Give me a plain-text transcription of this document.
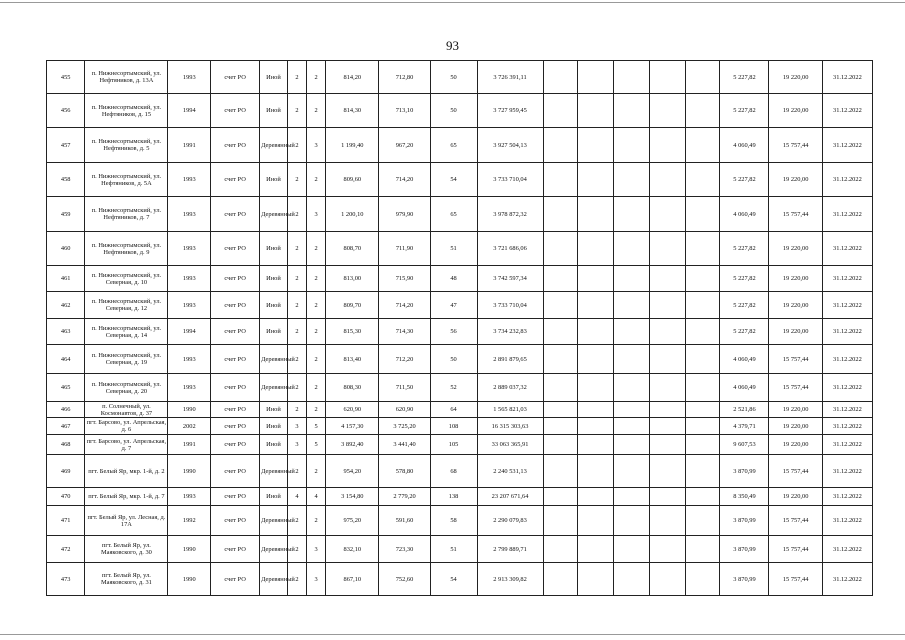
93
455	п. Нижнесортымский, ул. Нефтяников, д. 13А	1993	счет РО	Иной	2	2	814,20	712,80	50	3 726 391,11						5 227,82	19 220,00	31.12.2022
456	п. Нижнесортымский, ул. Нефтяников, д. 15	1994	счет РО	Иной	2	2	814,30	713,10	50	3 727 959,45						5 227,82	19 220,00	31.12.2022
457	п. Нижнесортымский, ул. Нефтяников, д. 5	1991	счет РО	Деревянный	2	3	1 199,40	967,20	65	3 927 504,13						4 060,49	15 757,44	31.12.2022
458	п. Нижнесортымский, ул. Нефтяников, д. 5А	1993	счет РО	Иной	2	2	809,60	714,20	54	3 733 710,04						5 227,82	19 220,00	31.12.2022
459	п. Нижнесортымский, ул. Нефтяников, д. 7	1993	счет РО	Деревянный	2	3	1 200,10	979,90	65	3 978 872,32						4 060,49	15 757,44	31.12.2022
460	п. Нижнесортымский, ул. Нефтяников, д. 9	1993	счет РО	Иной	2	2	808,70	711,90	51	3 721 686,06						5 227,82	19 220,00	31.12.2022
461	п. Нижнесортымский, ул. Северная, д. 10	1993	счет РО	Иной	2	2	813,00	715,90	48	3 742 597,34						5 227,82	19 220,00	31.12.2022
462	п. Нижнесортымский, ул. Северная, д. 12	1993	счет РО	Иной	2	2	809,70	714,20	47	3 733 710,04						5 227,82	19 220,00	31.12.2022
463	п. Нижнесортымский, ул. Северная, д. 14	1994	счет РО	Иной	2	2	815,30	714,30	56	3 734 232,83						5 227,82	19 220,00	31.12.2022
464	п. Нижнесортымский, ул. Северная, д. 19	1993	счет РО	Деревянный	2	2	813,40	712,20	50	2 891 879,65						4 060,49	15 757,44	31.12.2022
465	п. Нижнесортымский, ул. Северная, д. 20	1993	счет РО	Деревянный	2	2	808,30	711,50	52	2 889 037,32						4 060,49	15 757,44	31.12.2022
466	п. Солнечный, ул. Космонавтов, д. 37	1990	счет РО	Иной	2	2	620,90	620,90	64	1 565 821,03						2 521,86	19 220,00	31.12.2022
467	пгт. Барсово, ул. Апрельская, д. 6	2002	счет РО	Иной	3	5	4 157,30	3 725,20	108	16 315 303,63						4 379,71	19 220,00	31.12.2022
468	пгт. Барсово, ул. Апрельская, д. 7	1991	счет РО	Иной	3	5	3 892,40	3 441,40	105	33 063 365,91						9 607,53	19 220,00	31.12.2022
469	пгт. Белый Яр, мкр. 1-й, д. 2	1990	счет РО	Деревянный	2	2	954,20	578,80	68	2 240 531,13						3 870,99	15 757,44	31.12.2022
470	пгт. Белый Яр, мкр. 1-й, д. 7	1993	счет РО	Иной	4	4	3 154,80	2 779,20	138	23 207 671,64						8 350,49	19 220,00	31.12.2022
471	пгт. Белый Яр, ул. Лесная, д. 17А	1992	счет РО	Деревянный	2	2	975,20	591,60	58	2 290 079,83						3 870,99	15 757,44	31.12.2022
472	пгт. Белый Яр, ул. Маяковского, д. 30	1990	счет РО	Деревянный	2	3	832,10	723,30	51	2 799 889,71						3 870,99	15 757,44	31.12.2022
473	пгт. Белый Яр, ул. Маяковского, д. 31	1990	счет РО	Деревянный	2	3	867,10	752,60	54	2 913 309,82						3 870,99	15 757,44	31.12.2022
